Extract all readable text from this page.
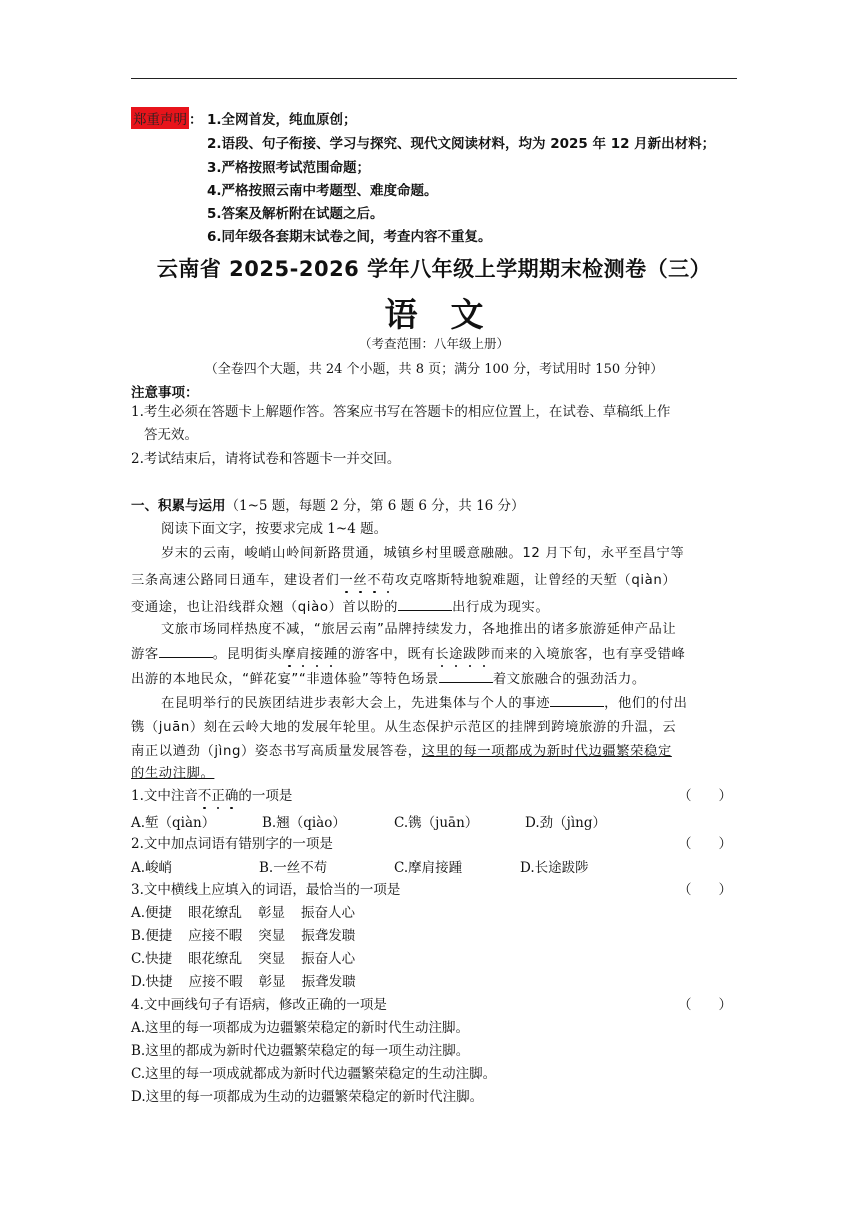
郑重声明 ： 1.全网首发，纯血原创；
2.语段、句子衔接、学习与探究、现代文阅读材料，均为 2025 年 12 月新出材料；
3.严格按照考试范围命题；
4.严格按照云南中考题型、难度命题。
5.答案及解析附在试题之后。
6.同年级各套期末试卷之间，考查内容不重复。
云南省 2025-2026 学年八年级上学期期末检测卷（三）
语　文
（考查范围：八年级上册）
（全卷四个大题，共 24 个小题，共 8 页；满分 100 分，考试用时 150 分钟）
注意事项：
1.考生必须在答题卡上解题作答。答案应书写在答题卡的相应位置上，在试卷、草稿纸上作
答无效。
2.考试结束后，请将试卷和答题卡一并交回。
一、积累与运用（1~5 题，每题 2 分，第 6 题 6 分，共 16 分）
阅读下面文字，按要求完成 1~4 题。
岁末的云南，峻峭山岭间新路贯通，城镇乡村里暖意融融。12 月下旬，永平至昌宁等
三条高速公路同日通车，建设者们一丝不苟攻克喀斯特地貌难题，让曾经的天堑（qiàn）
变通途，也让沿线群众翘（qiào）首以盼的	出行成为现实。
文旅市场同样热度不减，“旅居云南”品牌持续发力，各地推出的诸多旅游延伸产品让
游客	。昆明街头摩肩接踵的游客中，既有长途跋陟而来的入境旅客，也有享受错峰
出游的本地民众，“鲜花宴”“非遗体验”等特色场景	着文旅融合的强劲活力。
在昆明举行的民族团结进步表彰大会上，先进集体与个人的事迹	，他们的付出
镌（juān）刻在云岭大地的发展年轮里。从生态保护示范区的挂牌到跨境旅游的升温，云
南正以遒劲（jìng）姿态书写高质量发展答卷，这里的每一项都成为新时代边疆繁荣稳定
的生动注脚。
1.文中注音不正确的一项是	（　　）
A.堑（qiàn）	B.翘（qiào）	C.镌（juān）	D.劲（jìng）
2.文中加点词语有错别字的一项是	（　　）
A.峻峭	B.一丝不苟	C.摩肩接踵	D.长途跋陟
3.文中横线上应填入的词语，最恰当的一项是	（　　）
A.便捷 眼花缭乱 彰显 振奋人心
B.便捷 应接不暇 突显 振聋发聩
C.快捷 眼花缭乱 突显 振奋人心
D.快捷 应接不暇 彰显 振聋发聩
4.文中画线句子有语病，修改正确的一项是	（　　）
A.这里的每一项都成为边疆繁荣稳定的新时代生动注脚。
B.这里的都成为新时代边疆繁荣稳定的每一项生动注脚。
C.这里的每一项成就都成为新时代边疆繁荣稳定的生动注脚。
D.这里的每一项都成为生动的边疆繁荣稳定的新时代注脚。
